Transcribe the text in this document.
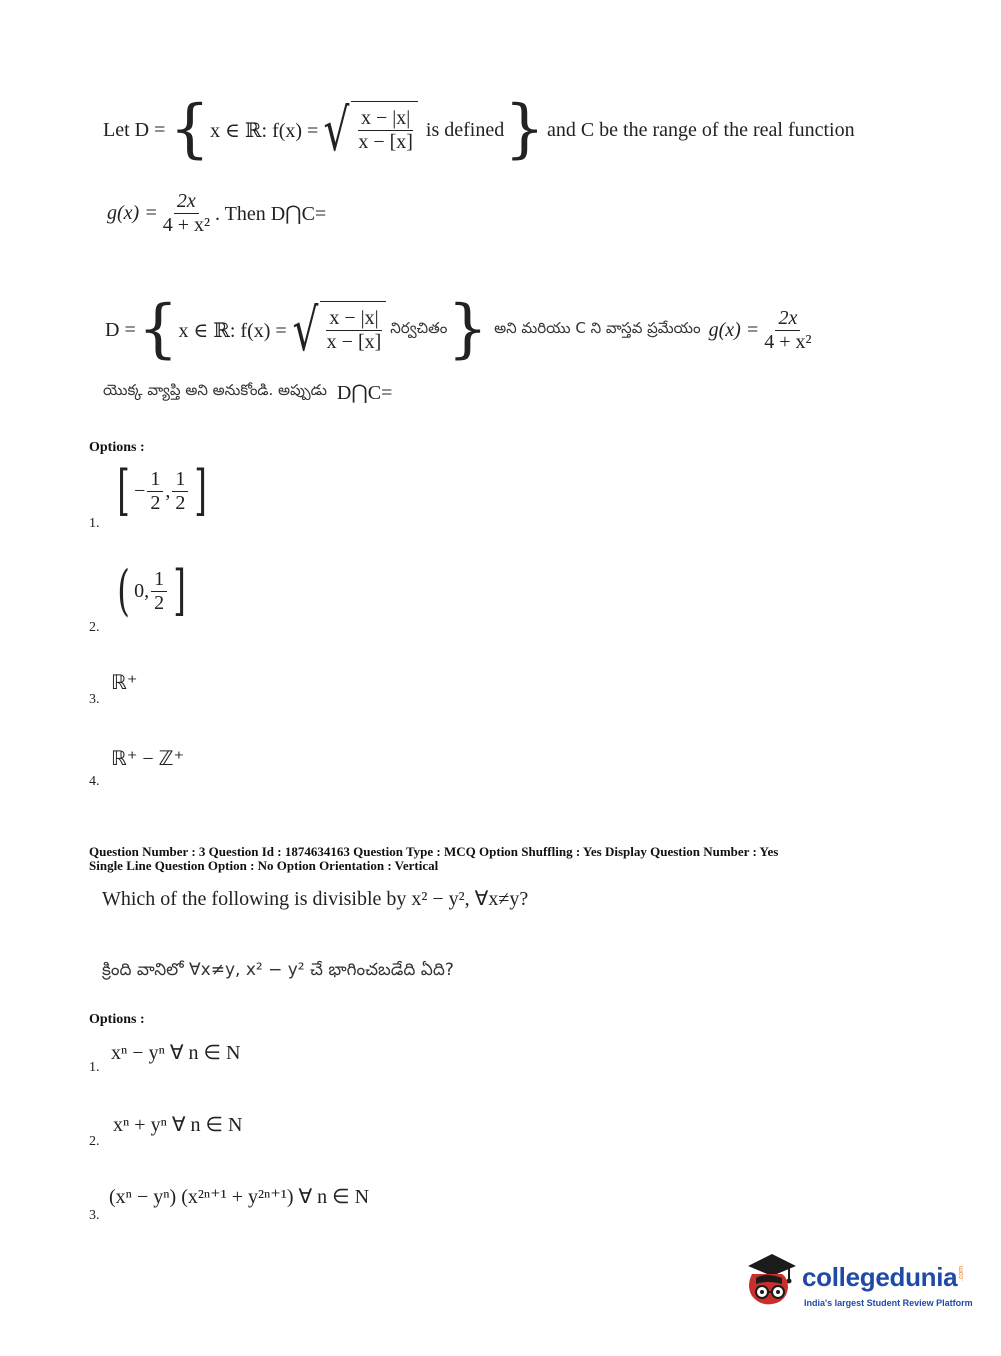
Let D = { x ∈ ℝ: f(x) = √ $\frac{x - |x|}{x - [x]}$ is defined } and C be the range of the real function
$g(x) = \frac{2x}{\text{4 + x²}}$ . Then D⋂C=
D = { x ∈ ℝ: f(x) = √ $\frac{x - |x|}{x - [x]}$ నిర్వచితం } అని మరియు C ని వాస్తవ ప్రమేయం $g(x) = \frac{2x}{\text{4 + x²}}$
యొక్క వ్యాప్తి అని అనుకోండి. అప్పుడు D⋂C=
Options :
[ − $\frac{1}{2}$ , $\frac{1}{2}$ ]
1.
( 0, $\frac{1}{2}$ ]
2.
ℝ⁺
3.
ℝ⁺ − ℤ⁺
4.
Question Number : 3 Question Id : 1874634163 Question Type : MCQ Option Shuffling : Yes Display Question Number : Yes
Single Line Question Option : No Option Orientation : Vertical
Which of the following is divisible by x² − y², ∀x≠y?
క్రింది వానిలో ∀x≠y, x² − y² చే భాగించబడేది ఏది?
Options :
xⁿ − yⁿ ∀ n ∈ N
1.
xⁿ + yⁿ ∀ n ∈ N
2.
(xⁿ − yⁿ) (x²ⁿ⁺¹ + y²ⁿ⁺¹) ∀ n ∈ N
3.
collegedunia .com
India's largest Student Review Platform
